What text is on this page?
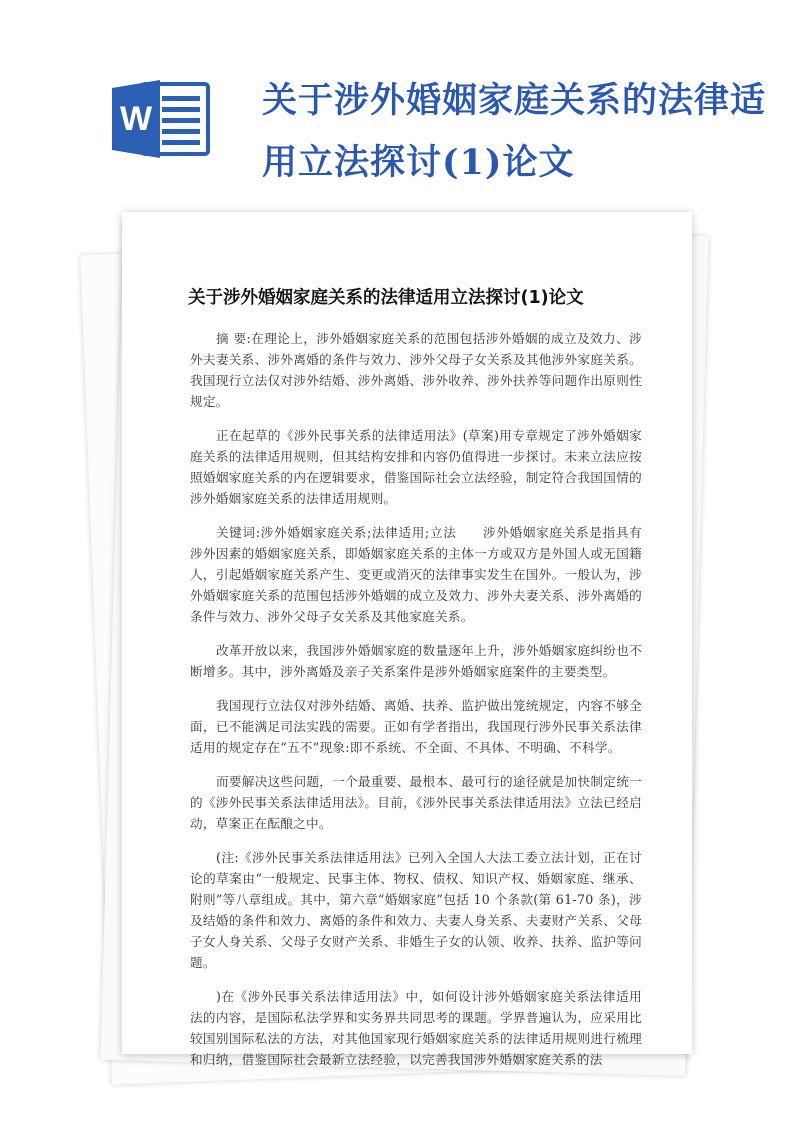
W	关于涉外婚姻家庭关系的法律适用立法探讨(1)论文
关于涉外婚姻家庭关系的法律适用立法探讨(1)论文

摘 要:在理论上，涉外婚姻家庭关系的范围包括涉外婚姻的成立及效力、涉外夫妻关系、涉外离婚的条件与效力、涉外父母子女关系及其他涉外家庭关系。我国现行立法仅对涉外结婚、涉外离婚、涉外收养、涉外扶养等问题作出原则性规定。

正在起草的《涉外民事关系的法律适用法》(草案)用专章规定了涉外婚姻家庭关系的法律适用规则，但其结构安排和内容仍值得进一步探讨。未来立法应按照婚姻家庭关系的内在逻辑要求，借鉴国际社会立法经验，制定符合我国国情的涉外婚姻家庭关系的法律适用规则。

关键词:涉外婚姻家庭关系;法律适用;立法　　涉外婚姻家庭关系是指具有涉外因素的婚姻家庭关系，即婚姻家庭关系的主体一方或双方是外国人或无国籍人，引起婚姻家庭关系产生、变更或消灭的法律事实发生在国外。一般认为，涉外婚姻家庭关系的范围包括涉外婚姻的成立及效力、涉外夫妻关系、涉外离婚的条件与效力、涉外父母子女关系及其他家庭关系。

改革开放以来，我国涉外婚姻家庭的数量逐年上升，涉外婚姻家庭纠纷也不断增多。其中，涉外离婚及亲子关系案件是涉外婚姻家庭案件的主要类型。

我国现行立法仅对涉外结婚、离婚、扶养、监护做出笼统规定，内容不够全面，已不能满足司法实践的需要。正如有学者指出，我国现行涉外民事关系法律适用的规定存在“五不”现象:即不系统、不全面、不具体、不明确、不科学。

而要解决这些问题，一个最重要、最根本、最可行的途径就是加快制定统一的《涉外民事关系法律适用法》。目前，《涉外民事关系法律适用法》立法已经启动，草案正在酝酿之中。

(注:《涉外民事关系法律适用法》已列入全国人大法工委立法计划，正在讨论的草案由“一般规定、民事主体、物权、债权、知识产权、婚姻家庭、继承、附则”等八章组成。其中，第六章“婚姻家庭”包括 10 个条款(第 61-70 条)，涉及结婚的条件和效力、离婚的条件和效力、夫妻人身关系、夫妻财产关系、父母子女人身关系、父母子女财产关系、非婚生子女的认领、收养、扶养、监护等问题。

)在《涉外民事关系法律适用法》中，如何设计涉外婚姻家庭关系法律适用法的内容，是国际私法学界和实务界共同思考的课题。学界普遍认为，应采用比较国别国际私法的方法，对其他国家现行婚姻家庭关系的法律适用规则进行梳理和归纳，借鉴国际社会最新立法经验，以完善我国涉外婚姻家庭关系的法
